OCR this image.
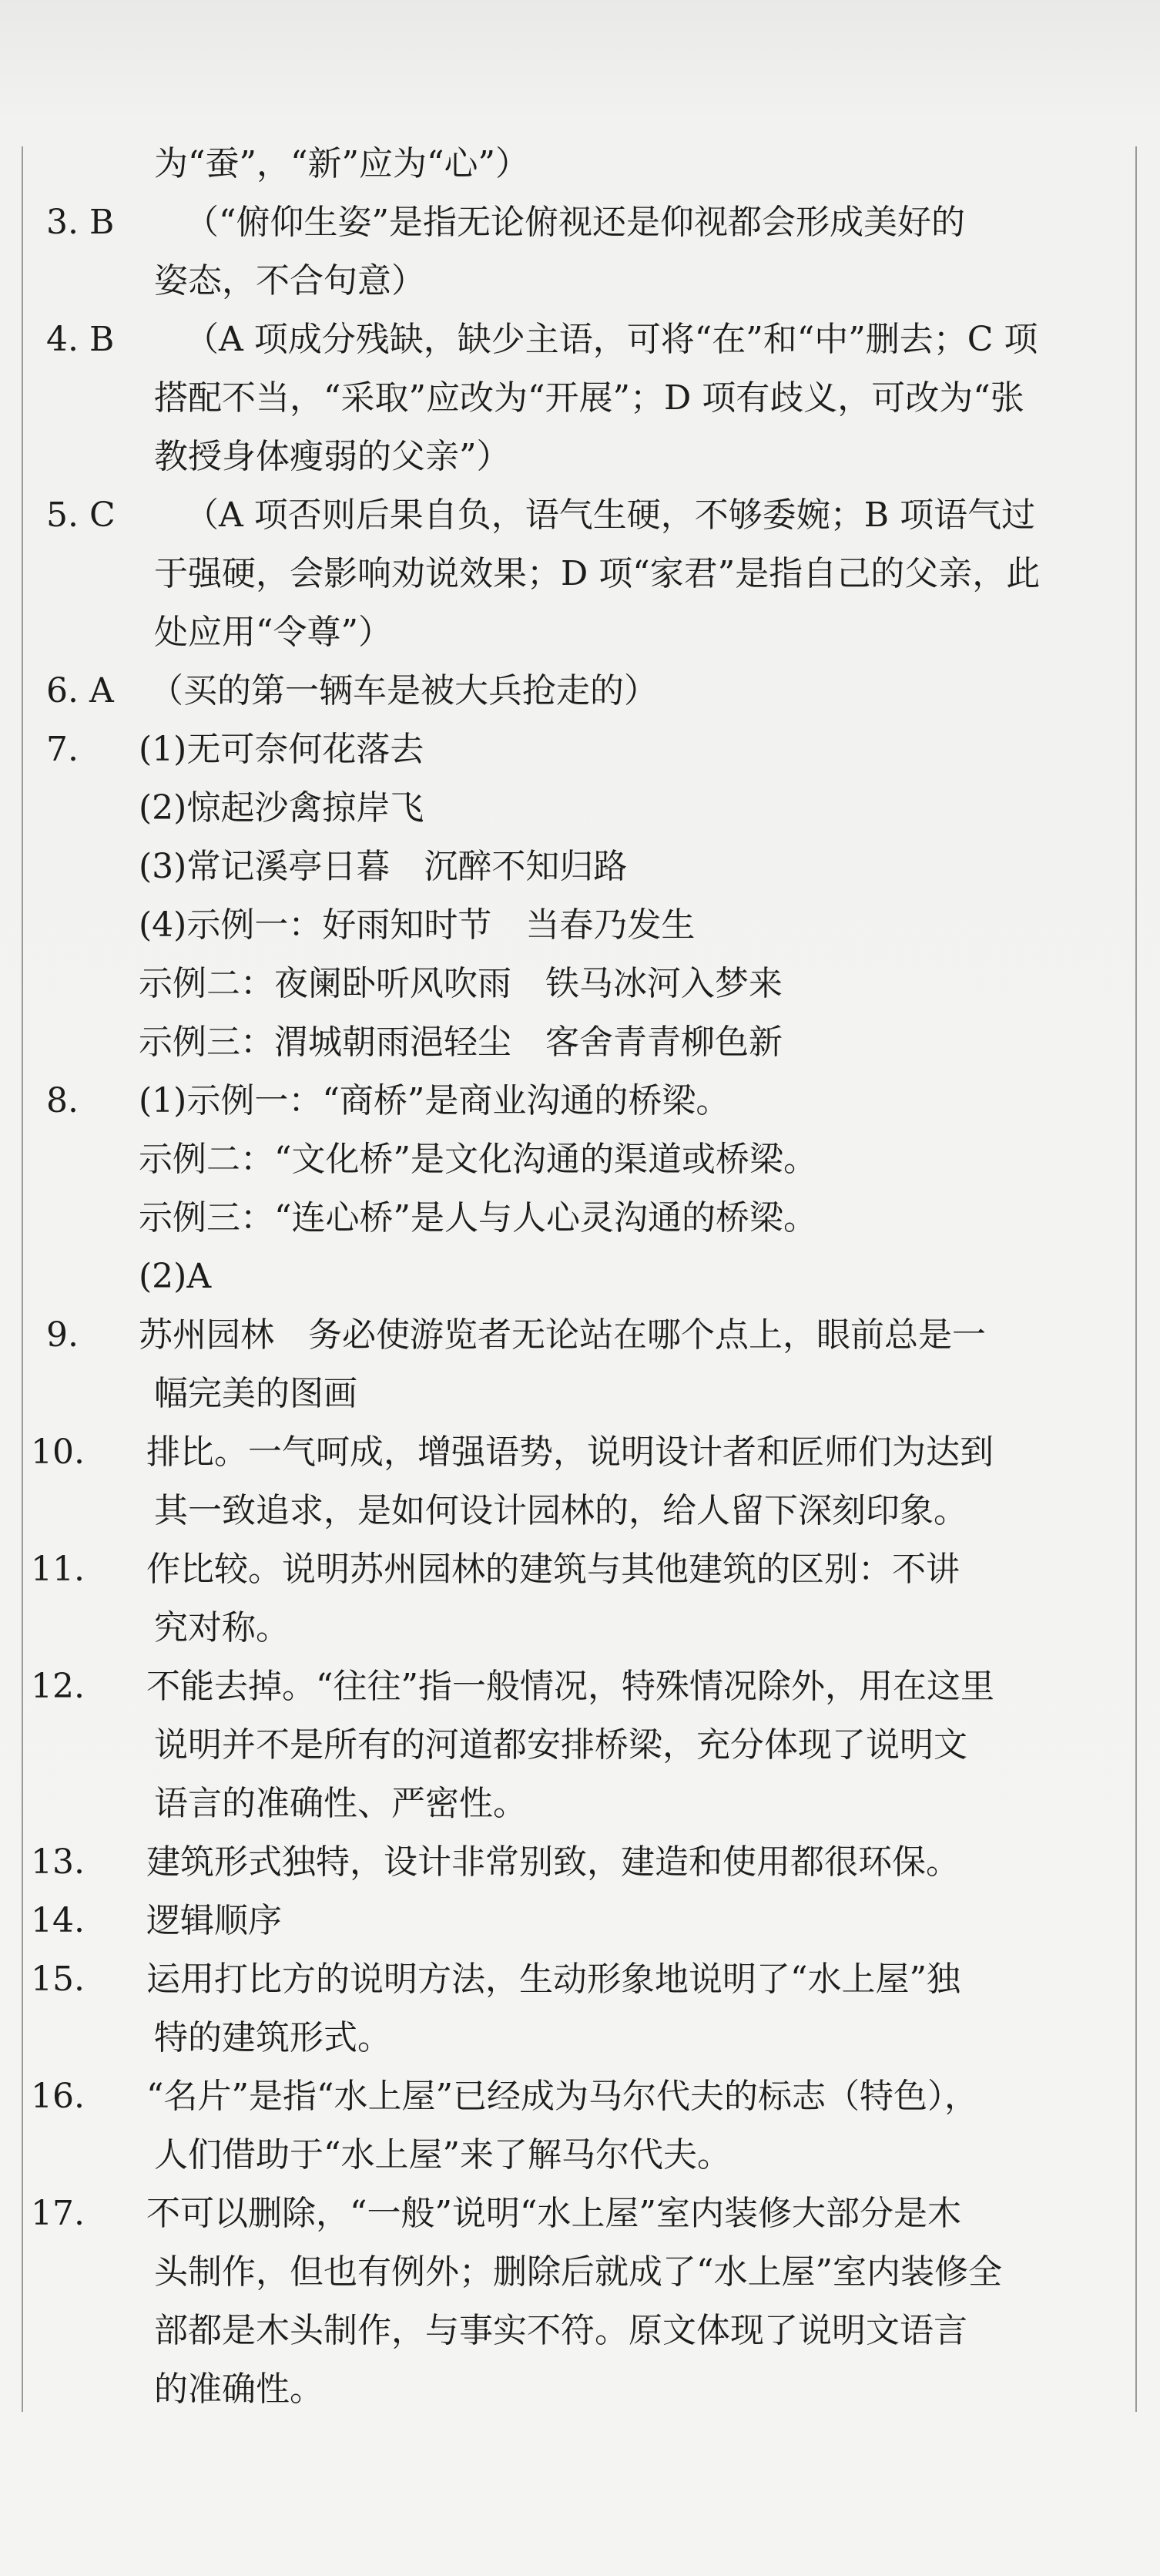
为“蚕”，“新”应为“心”）
3. B （“俯仰生姿”是指无论俯视还是仰视都会形成美好的
姿态，不合句意）
4. B （A 项成分残缺，缺少主语，可将“在”和“中”删去；C 项
搭配不当，“采取”应改为“开展”；D 项有歧义，可改为“张
教授身体瘦弱的父亲”）
5. C （A 项否则后果自负，语气生硬，不够委婉；B 项语气过
于强硬，会影响劝说效果；D 项“家君”是指自己的父亲，此
处应用“令尊”）
6. A （买的第一辆车是被大兵抢走的）
7. (1)无可奈何花落去
(2)惊起沙禽掠岸飞
(3)常记溪亭日暮　沉醉不知归路
(4)示例一：好雨知时节　当春乃发生
示例二：夜阑卧听风吹雨　铁马冰河入梦来
示例三：渭城朝雨浥轻尘　客舍青青柳色新
8. (1)示例一：“商桥”是商业沟通的桥梁。
示例二：“文化桥”是文化沟通的渠道或桥梁。
示例三：“连心桥”是人与人心灵沟通的桥梁。
(2)A
9. 苏州园林　务必使游览者无论站在哪个点上，眼前总是一
幅完美的图画
10. 排比。一气呵成，增强语势，说明设计者和匠师们为达到
其一致追求，是如何设计园林的，给人留下深刻印象。
11. 作比较。说明苏州园林的建筑与其他建筑的区别：不讲
究对称。
12. 不能去掉。“往往”指一般情况，特殊情况除外，用在这里
说明并不是所有的河道都安排桥梁，充分体现了说明文
语言的准确性、严密性。
13. 建筑形式独特，设计非常别致，建造和使用都很环保。
14. 逻辑顺序
15. 运用打比方的说明方法，生动形象地说明了“水上屋”独
特的建筑形式。
16. “名片”是指“水上屋”已经成为马尔代夫的标志（特色），
人们借助于“水上屋”来了解马尔代夫。
17. 不可以删除，“一般”说明“水上屋”室内装修大部分是木
头制作，但也有例外；删除后就成了“水上屋”室内装修全
部都是木头制作，与事实不符。原文体现了说明文语言
的准确性。
